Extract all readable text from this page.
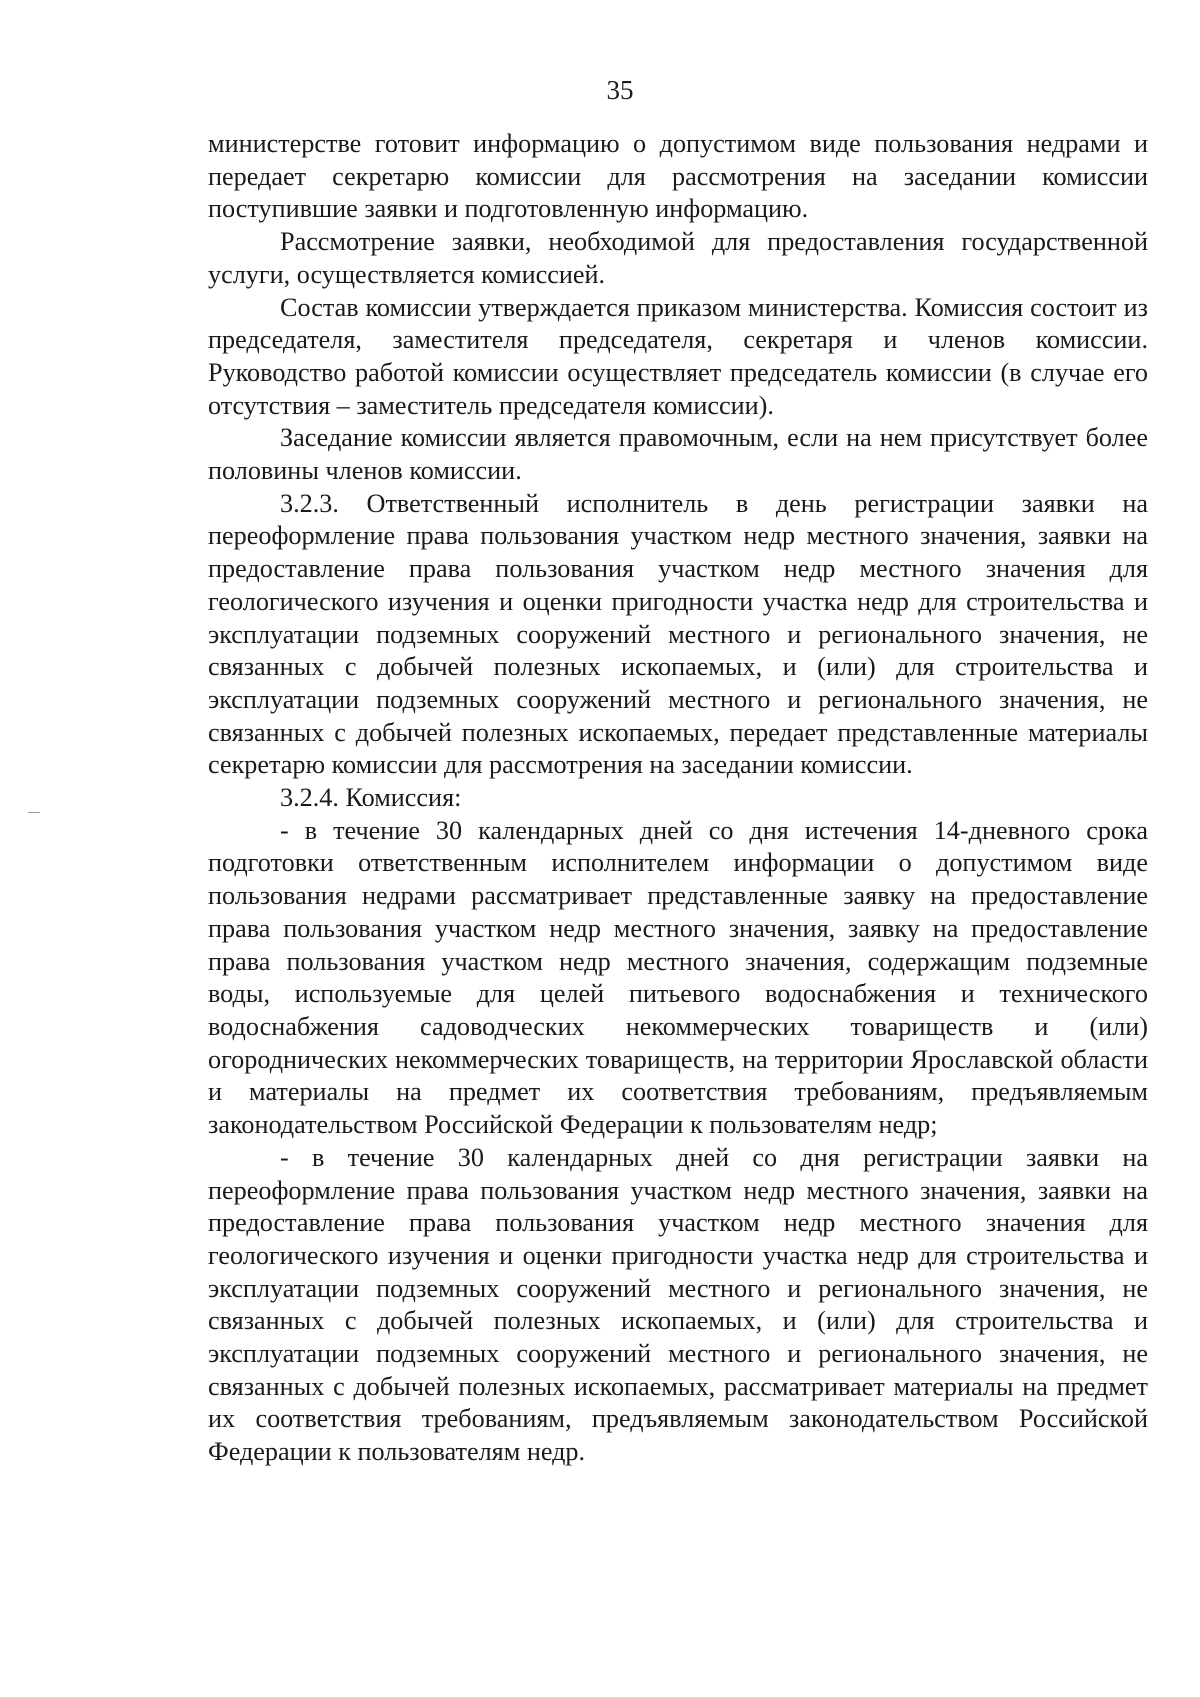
35

министерстве готовит информацию о допустимом виде пользования недрами и передает секретарю комиссии для рассмотрения на заседании комиссии поступившие заявки и подготовленную информацию.

Рассмотрение заявки, необходимой для предоставления государственной услуги, осуществляется комиссией.

Состав комиссии утверждается приказом министерства. Комиссия состоит из председателя, заместителя председателя, секретаря и членов комиссии. Руководство работой комиссии осуществляет председатель комиссии (в случае его отсутствия – заместитель председателя комиссии).

Заседание комиссии является правомочным, если на нем присутствует более половины членов комиссии.

3.2.3. Ответственный исполнитель в день регистрации заявки на переоформление права пользования участком недр местного значения, заявки на предоставление права пользования участком недр местного значения для геологического изучения и оценки пригодности участка недр для строительства и эксплуатации подземных сооружений местного и регионального значения, не связанных с добычей полезных ископаемых, и (или) для строительства и эксплуатации подземных сооружений местного и регионального значения, не связанных с добычей полезных ископаемых, передает представленные материалы секретарю комиссии для рассмотрения на заседании комиссии.

3.2.4. Комиссия:

- в течение 30 календарных дней со дня истечения 14-дневного срока подготовки ответственным исполнителем информации о допустимом виде пользования недрами рассматривает представленные заявку на предоставление права пользования участком недр местного значения, заявку на предоставление права пользования участком недр местного значения, содержащим подземные воды, используемые для целей питьевого водоснабжения и технического водоснабжения садоводческих некоммерческих товариществ и (или) огороднических некоммерческих товариществ, на территории Ярославской области и материалы на предмет их соответствия требованиям, предъявляемым законодательством Российской Федерации к пользователям недр;

- в течение 30 календарных дней со дня регистрации заявки на переоформление права пользования участком недр местного значения, заявки на предоставление права пользования участком недр местного значения для геологического изучения и оценки пригодности участка недр для строительства и эксплуатации подземных сооружений местного и регионального значения, не связанных с добычей полезных ископаемых, и (или) для строительства и эксплуатации подземных сооружений местного и регионального значения, не связанных с добычей полезных ископаемых, рассматривает материалы на предмет их соответствия требованиям, предъявляемым законодательством Российской Федерации к пользователям недр.
